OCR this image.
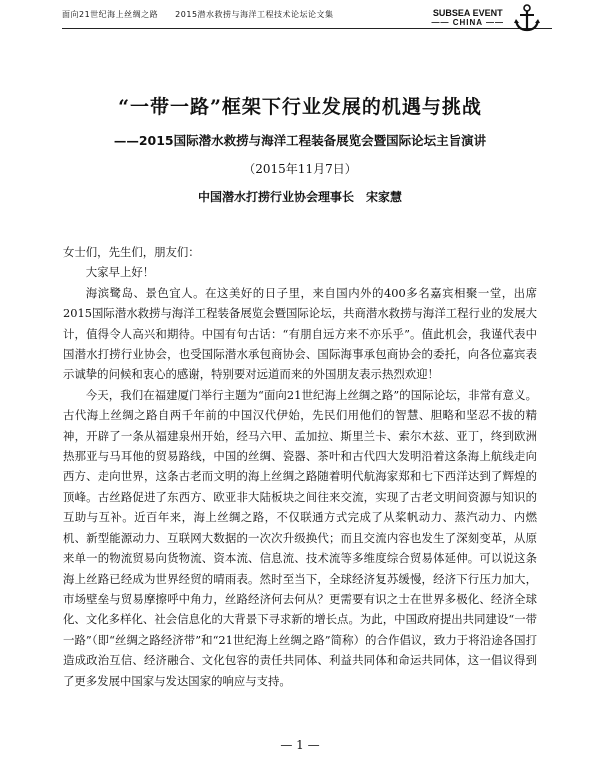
面向21世纪海上丝绸之路　　2015潜水救捞与海洋工程技术论坛论文集	SUBSEA EVENT
—— CHINA ——
“一带一路”框架下行业发展的机遇与挑战
——2015国际潜水救捞与海洋工程装备展览会暨国际论坛主旨演讲
（2015年11月7日）
中国潜水打捞行业协会理事长　宋家慧

女士们，先生们，朋友们：

大家早上好！

海滨鹭岛、景色宜人。在这美好的日子里，来自国内外的400多名嘉宾相聚一堂，出席2015国际潜水救捞与海洋工程装备展览会暨国际论坛，共商潜水救捞与海洋工程行业的发展大计，值得令人高兴和期待。中国有句古话：“有朋自远方来不亦乐乎”。值此机会，我谨代表中国潜水打捞行业协会，也受国际潜水承包商协会、国际海事承包商协会的委托，向各位嘉宾表示诚挚的问候和衷心的感谢，特别要对远道而来的外国朋友表示热烈欢迎！

今天，我们在福建厦门举行主题为“面向21世纪海上丝绸之路”的国际论坛，非常有意义。古代海上丝绸之路自两千年前的中国汉代伊始，先民们用他们的智慧、胆略和坚忍不拔的精神，开辟了一条从福建泉州开始，经马六甲、孟加拉、斯里兰卡、索尔木兹、亚丁，终到欧洲热那亚与马耳他的贸易路线，中国的丝绸、瓷器、茶叶和古代四大发明沿着这条海上航线走向西方、走向世界，这条古老而文明的海上丝绸之路随着明代航海家郑和七下西洋达到了辉煌的顶峰。古丝路促进了东西方、欧亚非大陆板块之间往来交流，实现了古老文明间资源与知识的互助与互补。近百年来，海上丝绸之路，不仅联通方式完成了从桨帆动力、蒸汽动力、内燃机、新型能源动力、互联网大数据的一次次升级换代；而且交流内容也发生了深刻变革，从原来单一的物流贸易向货物流、资本流、信息流、技术流等多维度综合贸易体延伸。可以说这条海上丝路已经成为世界经贸的晴雨表。然时至当下，全球经济复苏缓慢，经济下行压力加大，市场壁垒与贸易摩擦呼中角力，丝路经济何去何从？更需要有识之士在世界多极化、经济全球化、文化多样化、社会信息化的大背景下寻求新的增长点。为此，中国政府提出共同建设“一带一路”（即“丝绸之路经济带”和“21世纪海上丝绸之路”简称）的合作倡议，致力于将沿途各国打造成政治互信、经济融合、文化包容的责任共同体、利益共同体和命运共同体，这一倡议得到了更多发展中国家与发达国家的响应与支持。

— 1 —
